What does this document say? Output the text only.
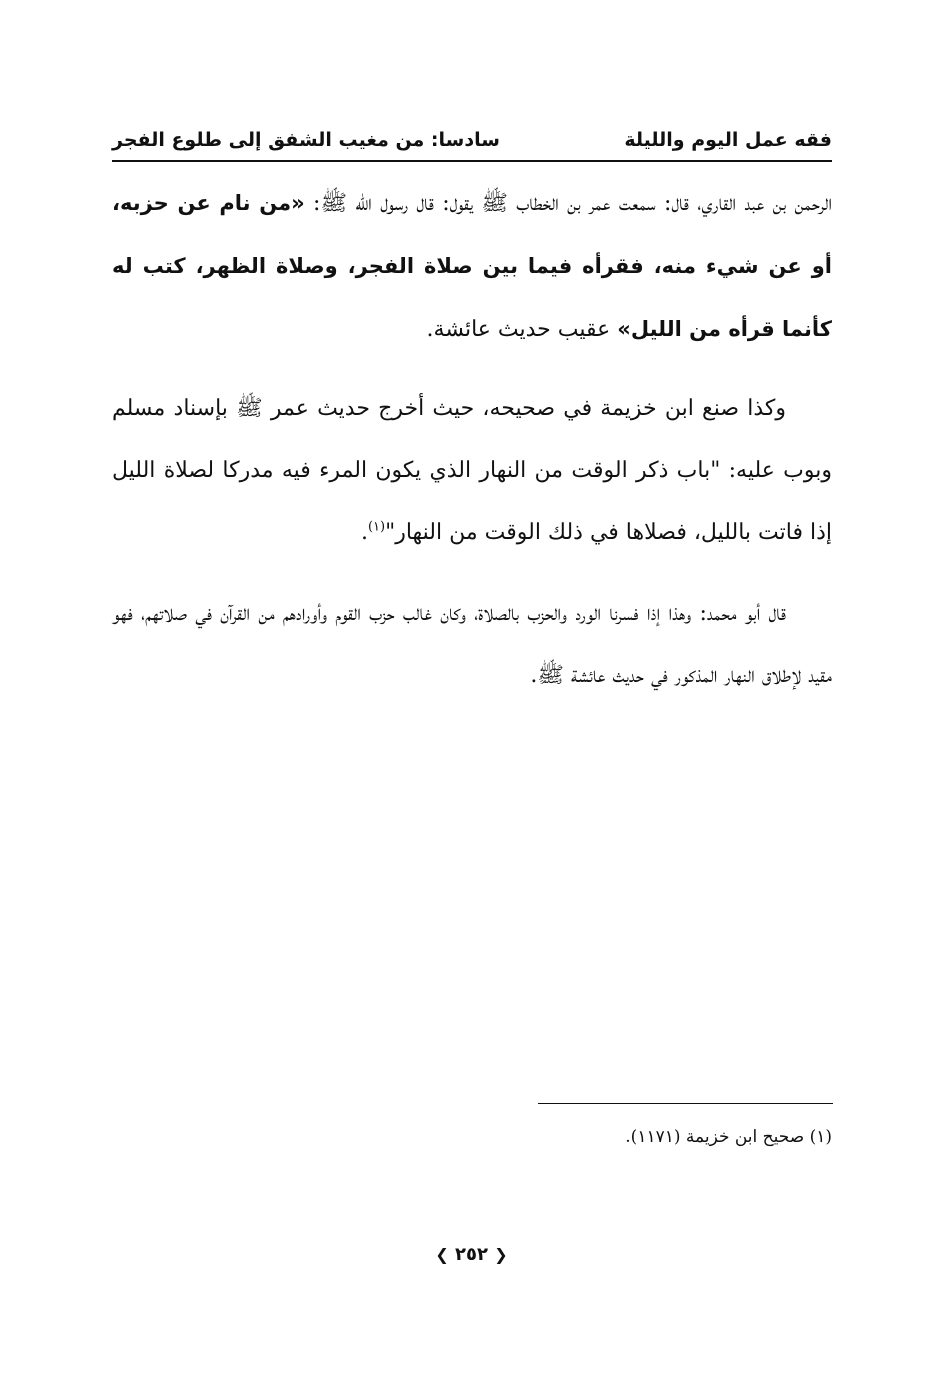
فقه عمل اليوم والليلة
سادسا: من مغيب الشفق إلى طلوع الفجر

الرحمن بن عبد القاري، قال: سمعت عمر بن الخطاب ﷺ يقول: قال رسول الله ﷺ: «من نام عن حزبه، أو عن شيء منه، فقرأه فيما بين صلاة الفجر، وصلاة الظهر، كتب له كأنما قرأه من الليل» عقيب حديث عائشة.

وكذا صنع ابن خزيمة في صحيحه، حيث أخرج حديث عمر ﷺ بإسناد مسلم وبوب عليه: "باب ذكر الوقت من النهار الذي يكون المرء فيه مدركا لصلاة الليل إذا فاتت بالليل، فصلاها في ذلك الوقت من النهار"$^{(١)}$.

قال أبو محمد: وهذا إذا فسرنا الورد والحزب بالصلاة، وكان غالب حزب القوم وأورادهم من القرآن في صلاتهم، فهو مقيد لإطلاق النهار المذكور في حديث عائشة ﷺ.

(١) صحيح ابن خزيمة (١١٧١).
❮ ٢٥٢ ❯
